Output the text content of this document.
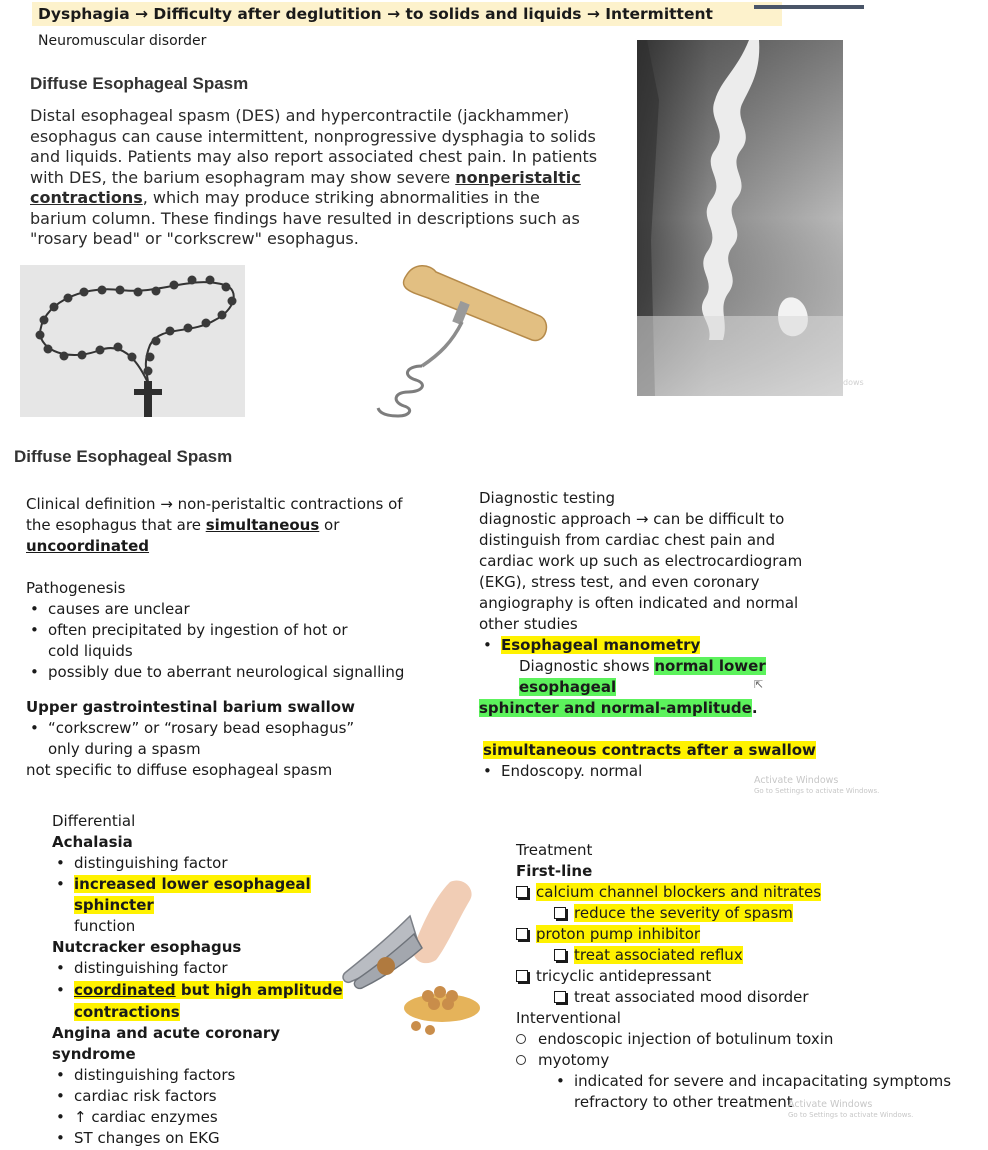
Dysphagia → Difficulty after deglutition → to solids and liquids → Intermittent
Neuromuscular disorder
Diffuse Esophageal Spasm
Distal esophageal spasm (DES) and hypercontractile (jackhammer) esophagus can cause intermittent, nonprogressive dysphagia to solids and liquids. Patients may also report associated chest pain. In patients with DES, the barium esophagram may show severe nonperistaltic contractions, which may produce striking abnormalities in the barium column. These findings have resulted in descriptions such as "rosary bead" or "corkscrew" esophagus.
dows
Diffuse Esophageal Spasm
Clinical definition → non-peristaltic contractions of the esophagus that are simultaneous or uncoordinated
Pathogenesis
• causes are unclear
• often precipitated by ingestion of hot or cold liquids
• possibly due to aberrant neurological signalling
Upper gastrointestinal barium swallow
• “corkscrew” or “rosary bead esophagus” only during a spasm
not specific to diffuse esophageal spasm
Diagnostic testing
diagnostic approach → can be difficult to distinguish from cardiac chest pain and cardiac work up such as electrocardiogram (EKG), stress test, and even coronary angiography is often indicated and normal other studies
• Esophageal manometry
Diagnostic shows normal lower esophageal
sphincter and normal-amplitude.
simultaneous contracts after a swallow
• Endoscopy. normal
⇱
Activate Windows
Go to Settings to activate Windows.
Differential
Achalasia
• distinguishing factor
• increased lower esophageal sphincter
function
Nutcracker esophagus
• distinguishing factor
• coordinated but high amplitude
contractions
Angina and acute coronary syndrome
• distinguishing factors
• cardiac risk factors
• ↑ cardiac enzymes
• ST changes on EKG
Treatment
First-line
calcium channel blockers and nitrates
reduce the severity of spasm
proton pump inhibitor
treat associated reflux
tricyclic antidepressant
treat associated mood disorder
Interventional
endoscopic injection of botulinum toxin
myotomy
• indicated for severe and incapacitating symptoms
refractory to other treatment
Activate Windows
Go to Settings to activate Windows.
